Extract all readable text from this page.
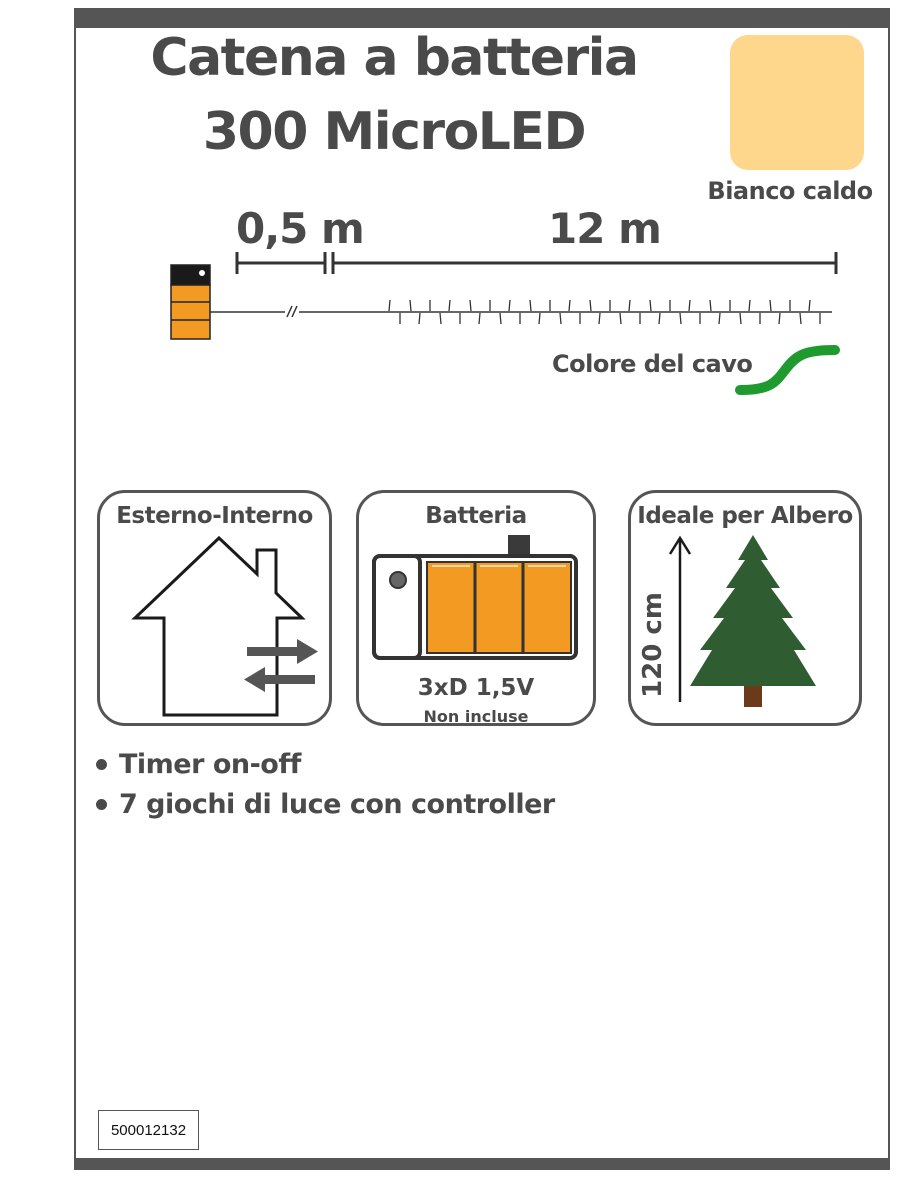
Catena a batteria
300 MicroLED
Bianco caldo
0,5 m	12 m
Colore del cavo
Esterno-Interno	Batteria
3xD 1,5V
Non incluse
Ideale per Albero
120 cm
Timer on-off
7 giochi di luce con controller
500012132
